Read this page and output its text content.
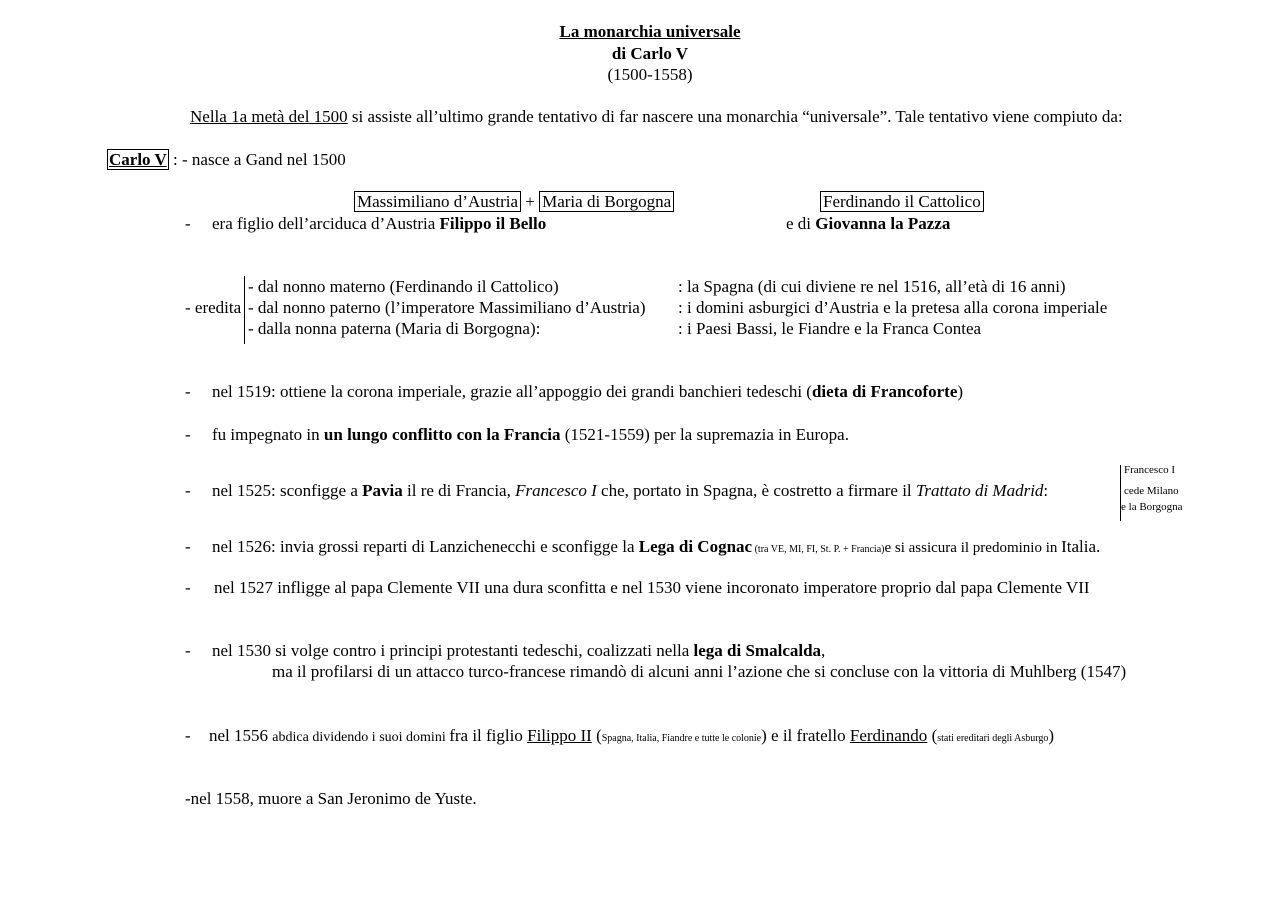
La monarchia universale
di Carlo V
(1500-1558)
Nella 1a metà del 1500 si assiste all’ultimo grande tentativo di far nascere una monarchia “universale”. Tale tentativo viene compiuto da:
Carlo V : - nasce a Gand nel 1500
Massimiliano d’Austria + Maria di Borgogna	Ferdinando il Cattolico
- era figlio dell’arciduca d’Austria Filippo il Bello	e di Giovanna la Pazza
- eredita
- dal nonno materno (Ferdinando il Cattolico)	: la Spagna (di cui diviene re nel 1516, all’età di 16 anni)
- dal nonno paterno (l’imperatore Massimiliano d’Austria) : i domini asburgici d’Austria e la pretesa alla corona imperiale
- dalla nonna paterna (Maria di Borgogna):	: i Paesi Bassi, le Fiandre e la Franca Contea
- nel 1519: ottiene la corona imperiale, grazie all’appoggio dei grandi banchieri tedeschi (dieta di Francoforte)
- fu impegnato in un lungo conflitto con la Francia (1521-1559) per la supremazia in Europa.
- nel 1525: sconfigge a Pavia il re di Francia, Francesco I che, portato in Spagna, è costretto a firmare il Trattato di Madrid:
Francesco I
cede Milano
e la Borgogna
- nel 1526: invia grossi reparti di Lanzichenecchi e sconfigge la Lega di Cognac (tra VE, MI, FI, St. P. + Francia)e si assicura il predominio in Italia.
- nel 1527 infligge al papa Clemente VII una dura sconfitta e nel 1530 viene incoronato imperatore proprio dal papa Clemente VII
- nel 1530 si volge contro i principi protestanti tedeschi, coalizzati nella lega di Smalcalda,
ma il profilarsi di un attacco turco-francese rimandò di alcuni anni l’azione che si concluse con la vittoria di Muhlberg (1547)
- nel 1556 abdica dividendo i suoi domini fra il figlio Filippo II (Spagna, Italia, Fiandre e tutte le colonie) e il fratello Ferdinando (stati ereditari degli Asburgo)
-nel 1558, muore a San Jeronimo de Yuste.
